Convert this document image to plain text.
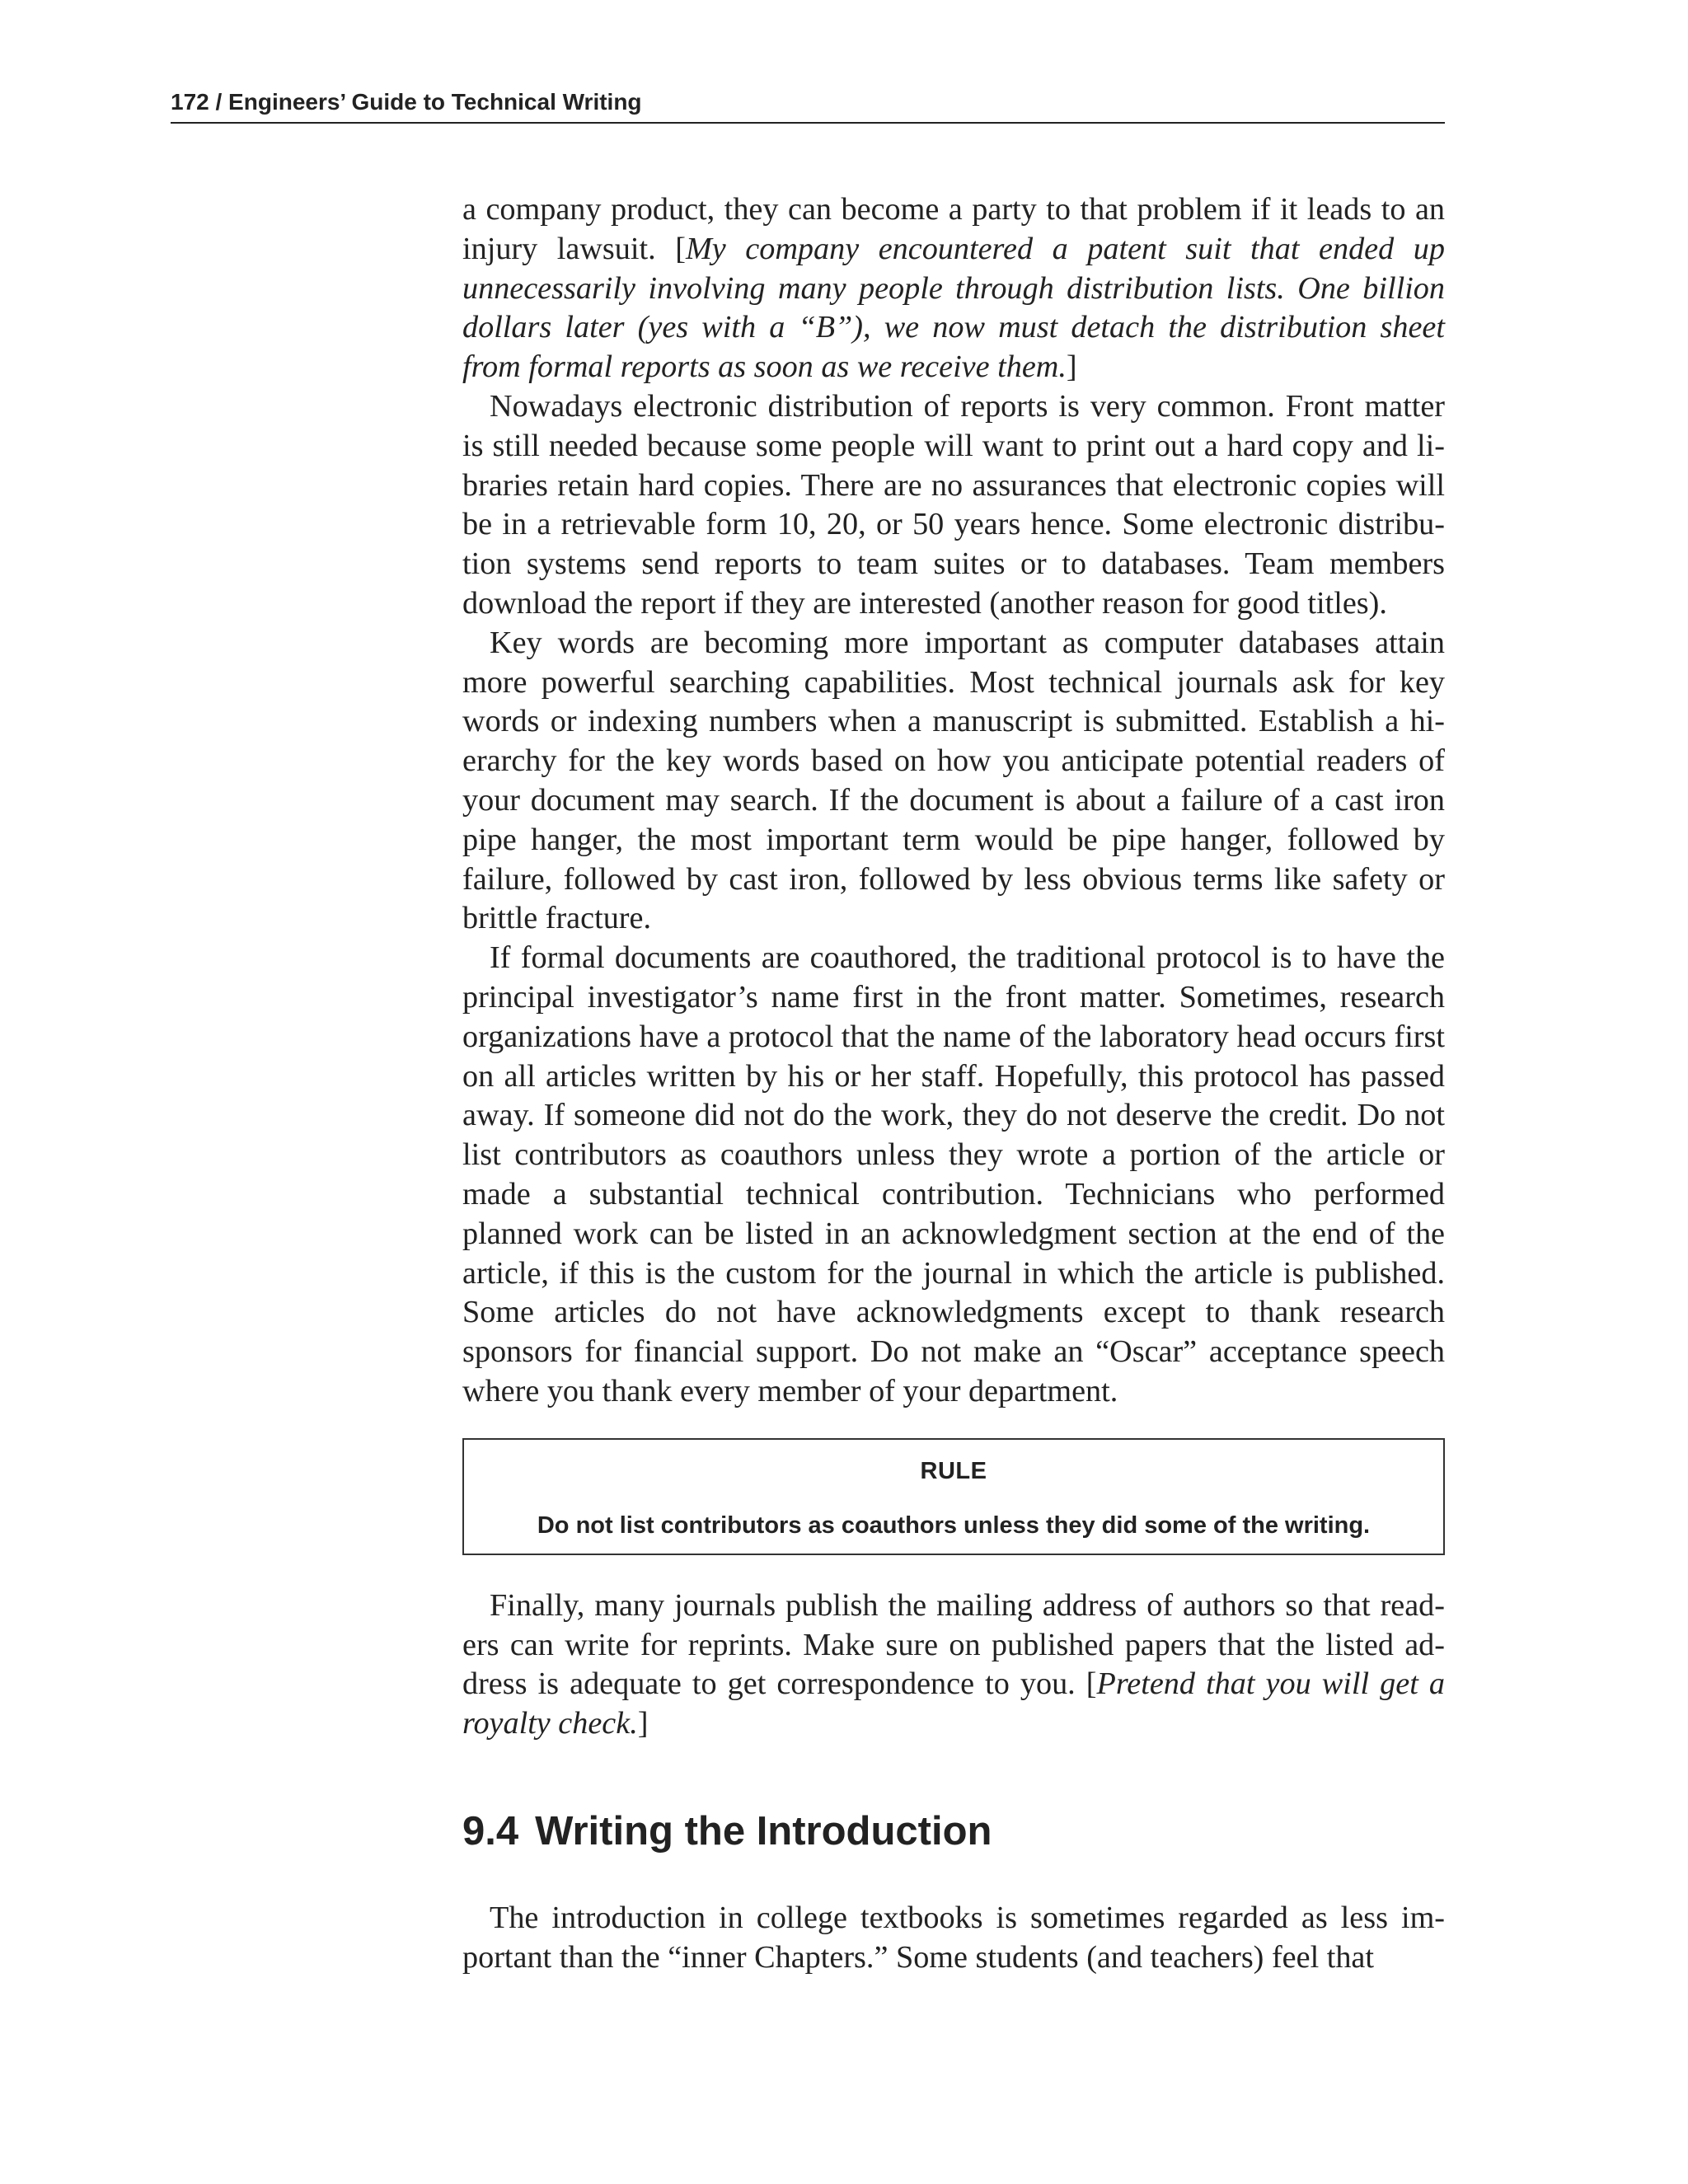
172 / Engineers’ Guide to Technical Writing

a company product, they can become a party to that problem if it leads to an injury lawsuit. [My company encountered a patent suit that ended up unnecessarily involving many people through distribution lists. One billion dollars later (yes with a “B”), we now must detach the distribution sheet from formal reports as soon as we receive them.]

Nowadays electronic distribution of reports is very common. Front matter is still needed because some people will want to print out a hard copy and libraries retain hard copies. There are no assurances that electronic copies will be in a retrievable form 10, 20, or 50 years hence. Some electronic distribution systems send reports to team suites or to databases. Team members download the report if they are interested (another reason for good titles).

Key words are becoming more important as computer databases attain more powerful searching capabilities. Most technical journals ask for key words or indexing numbers when a manuscript is submitted. Establish a hierarchy for the key words based on how you anticipate potential readers of your document may search. If the document is about a failure of a cast iron pipe hanger, the most important term would be pipe hanger, followed by failure, followed by cast iron, followed by less obvious terms like safety or brittle fracture.

If formal documents are coauthored, the traditional protocol is to have the principal investigator’s name first in the front matter. Sometimes, research organizations have a protocol that the name of the laboratory head occurs first on all articles written by his or her staff. Hopefully, this protocol has passed away. If someone did not do the work, they do not deserve the credit. Do not list contributors as coauthors unless they wrote a portion of the article or made a substantial technical contribution. Technicians who performed planned work can be listed in an acknowledgment section at the end of the article, if this is the custom for the journal in which the article is published. Some articles do not have acknowledgments except to thank research sponsors for financial support. Do not make an “Oscar” acceptance speech where you thank every member of your department.

RULE
Do not list contributors as coauthors unless they did some of the writing.

Finally, many journals publish the mailing address of authors so that readers can write for reprints. Make sure on published papers that the listed address is adequate to get correspondence to you. [Pretend that you will get a royalty check.]

9.4 Writing the Introduction

The introduction in college textbooks is sometimes regarded as less important than the “inner Chapters.” Some students (and teachers) feel that
